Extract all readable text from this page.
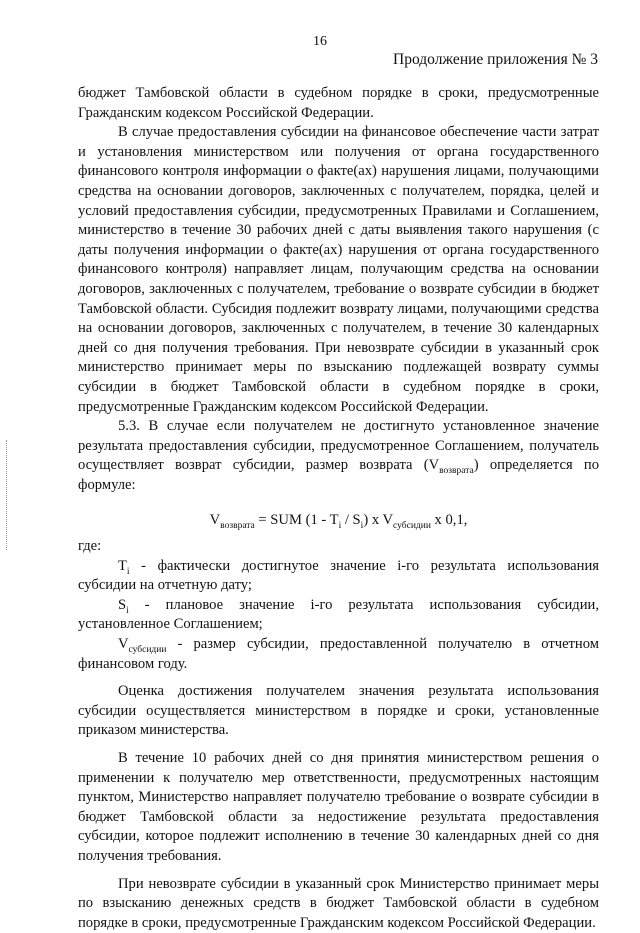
16
Продолжение приложения № 3

бюджет Тамбовской области в судебном порядке в сроки, предусмотренные Гражданским кодексом Российской Федерации.

В случае предоставления субсидии на финансовое обеспечение части затрат и установления министерством или получения от органа государственного финансового контроля информации о факте(ах) нарушения лицами, получающими средства на основании договоров, заключенных с получателем, порядка, целей и условий предоставления субсидии, предусмотренных Правилами и Соглашением, министерство в течение 30 рабочих дней с даты выявления такого нарушения (с даты получения информации о факте(ах) нарушения от органа государственного финансового контроля) направляет лицам, получающим средства на основании договоров, заключенных с получателем, требование о возврате субсидии в бюджет Тамбовской области. Субсидия подлежит возврату лицами, получающими средства на основании договоров, заключенных с получателем, в течение 30 календарных дней со дня получения требования. При невозврате субсидии в указанный срок министерство принимает меры по взысканию подлежащей возврату суммы субсидии в бюджет Тамбовской области в судебном порядке в сроки, предусмотренные Гражданским кодексом Российской Федерации.

5.3. В случае если получателем не достигнуто установленное значение результата предоставления субсидии, предусмотренное Соглашением, получатель осуществляет возврат субсидии, размер возврата $(V_{возврата})$ определяется по формуле:

$V_{возврата}$ = SUM $(1 - T_i / S_i)$ x $V_{субсидии}$ x 0,1,

где:

$T_i$ - фактически достигнутое значение i-го результата использования субсидии на отчетную дату;

$S_i$ - плановое значение i-го результата использования субсидии, установленное Соглашением;

$V_{субсидии}$ - размер субсидии, предоставленной получателю в отчетном финансовом году.

Оценка достижения получателем значения результата использования субсидии осуществляется министерством в порядке и сроки, установленные приказом министерства.

В течение 10 рабочих дней со дня принятия министерством решения о применении к получателю мер ответственности, предусмотренных настоящим пунктом, Министерство направляет получателю требование о возврате субсидии в бюджет Тамбовской области за недостижение результата предоставления субсидии, которое подлежит исполнению в течение 30 календарных дней со дня получения требования.

При невозврате субсидии в указанный срок Министерство принимает меры по взысканию денежных средств в бюджет Тамбовской области в судебном порядке в сроки, предусмотренные Гражданским кодексом Российской Федерации.
